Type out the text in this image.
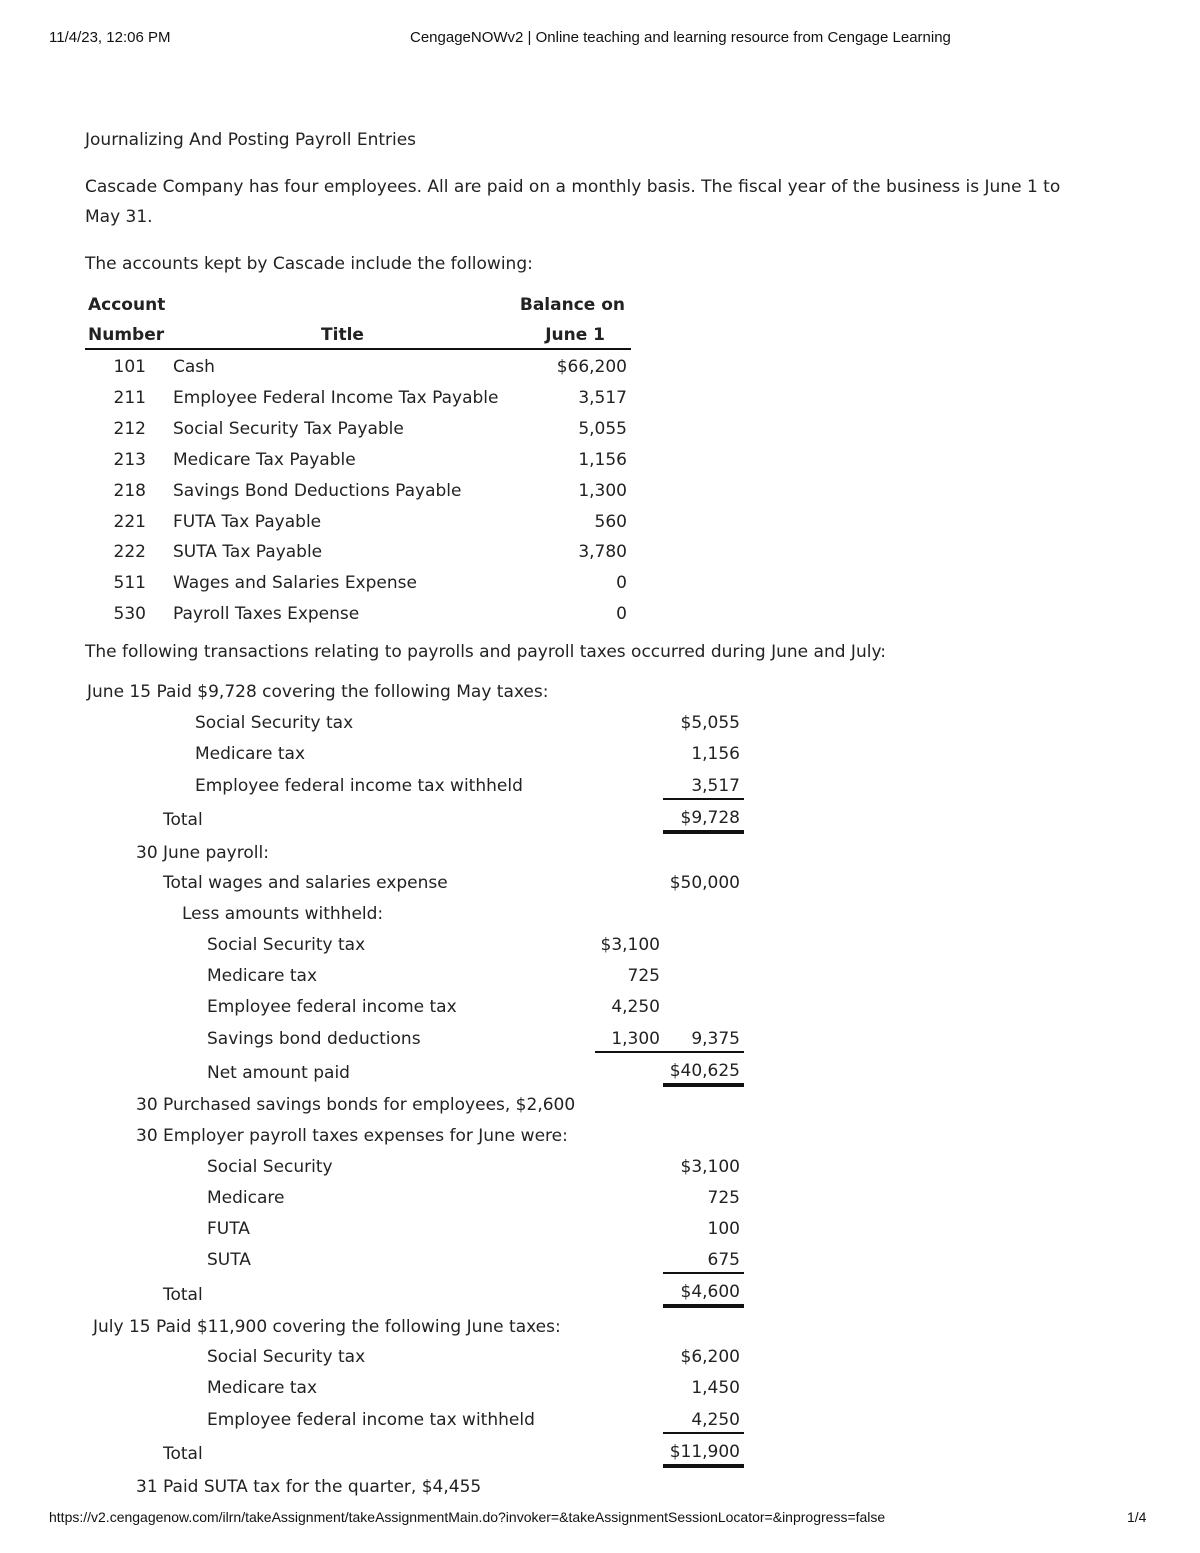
11/4/23, 12:06 PM	CengageNOWv2 | Online teaching and learning resource from Cengage Learning
Journalizing And Posting Payroll Entries
Cascade Company has four employees. All are paid on a monthly basis. The fiscal year of the business is June 1 to
May 31.
The accounts kept by Cascade include the following:
Account
Number	Title
Balance on
June 1
101 Cash	$66,200
211 Employee Federal Income Tax Payable	3,517
212 Social Security Tax Payable	5,055
213 Medicare Tax Payable	1,156
218 Savings Bond Deductions Payable	1,300
221 FUTA Tax Payable	560
222 SUTA Tax Payable	3,780
511 Wages and Salaries Expense	0
530 Payroll Taxes Expense	0
The following transactions relating to payrolls and payroll taxes occurred during June and July:
June 15 Paid $9,728 covering the following May taxes:
Social Security tax	$5,055
Medicare tax	1,156
Employee federal income tax withheld	3,517
Total	$9,728
30 June payroll:
Total wages and salaries expense	$50,000
Less amounts withheld:
Social Security tax	$3,100
Medicare tax	725
Employee federal income tax	4,250
Savings bond deductions	1,300	9,375
Net amount paid	$40,625
30 Purchased savings bonds for employees, $2,600
30 Employer payroll taxes expenses for June were:
Social Security	$3,100
Medicare	725
FUTA	100
SUTA	675
Total	$4,600
July 15 Paid $11,900 covering the following June taxes:
Social Security tax	$6,200
Medicare tax	1,450
Employee federal income tax withheld	4,250
Total	$11,900
31 Paid SUTA tax for the quarter, $4,455
https://v2.cengagenow.com/ilrn/takeAssignment/takeAssignmentMain.do?invoker=&takeAssignmentSessionLocator=&inprogress=false	1/4
